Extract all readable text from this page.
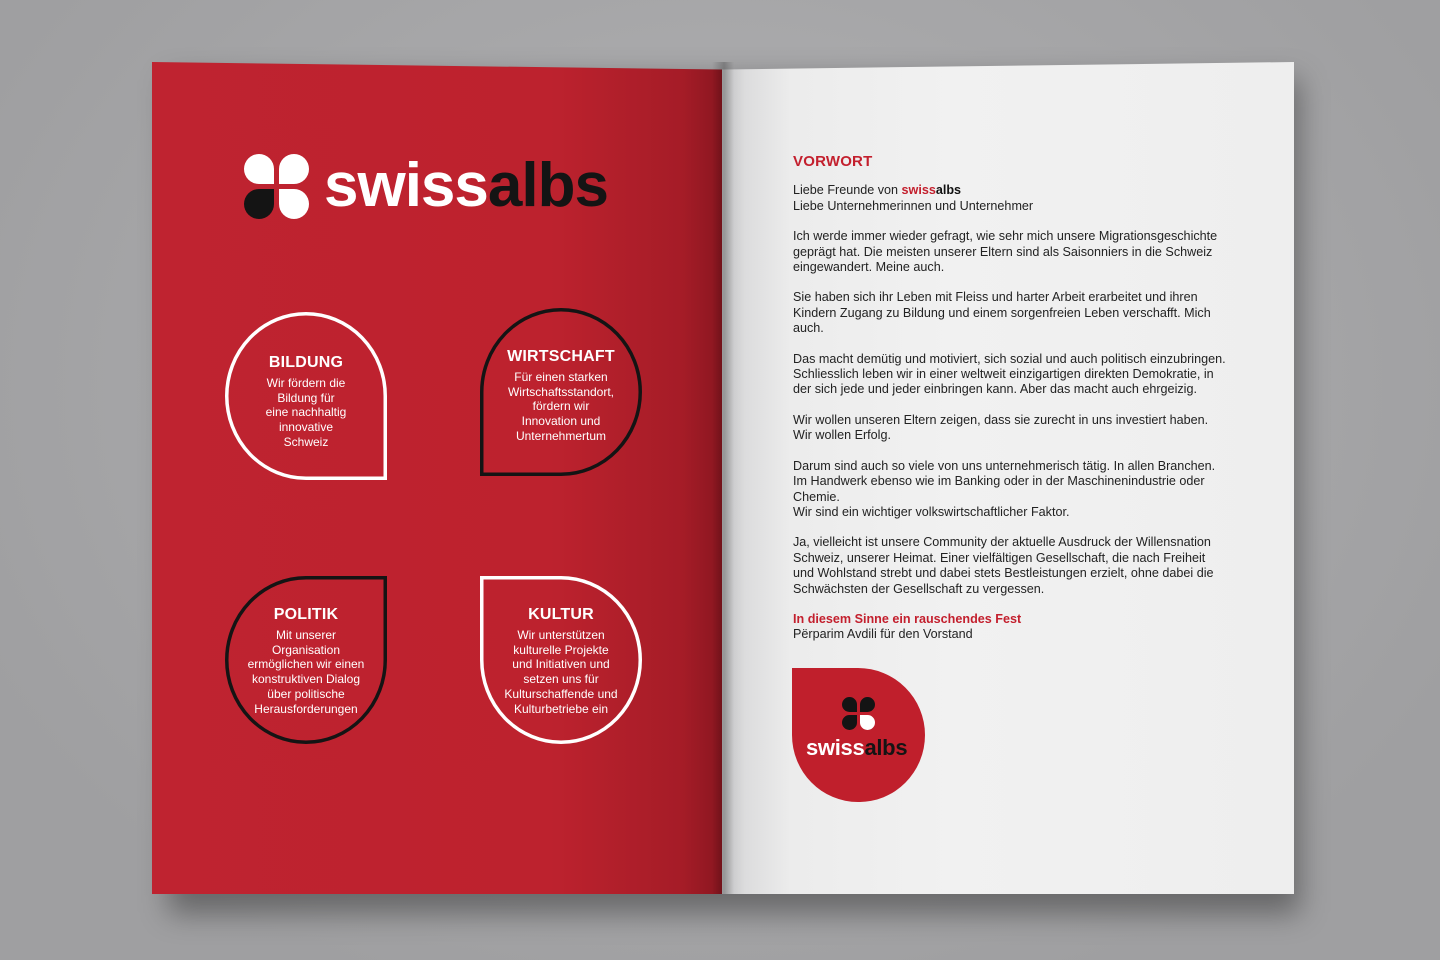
swissalbs
BILDUNG

Wir fördern die
Bildung für
eine nachhaltig
innovative
Schweiz

WIRTSCHAFT

Für einen starken
Wirtschaftsstandort,
fördern wir
Innovation und
Unternehmertum

POLITIK

Mit unserer
Organisation
ermöglichen wir einen
konstruktiven Dialog
über politische
Herausforderungen

KULTUR

Wir unterstützen
kulturelle Projekte
und Initiativen und
setzen uns für
Kulturschaffende und
Kulturbetriebe ein

VORWORT

Liebe Freunde von swissalbs
Liebe Unternehmerinnen und Unternehmer

Ich werde immer wieder gefragt, wie sehr mich unsere Migrationsgeschichte
geprägt hat. Die meisten unserer Eltern sind als Saisonniers in die Schweiz
eingewandert. Meine auch.

Sie haben sich ihr Leben mit Fleiss und harter Arbeit erarbeitet und ihren
Kindern Zugang zu Bildung und einem sorgenfreien Leben verschafft. Mich
auch.

Das macht demütig und motiviert, sich sozial und auch politisch einzubringen.
Schliesslich leben wir in einer weltweit einzigartigen direkten Demokratie, in
der sich jede und jeder einbringen kann. Aber das macht auch ehrgeizig.

Wir wollen unseren Eltern zeigen, dass sie zurecht in uns investiert haben.
Wir wollen Erfolg.

Darum sind auch so viele von uns unternehmerisch tätig. In allen Branchen.
Im Handwerk ebenso wie im Banking oder in der Maschinenindustrie oder
Chemie.
Wir sind ein wichtiger volkswirtschaftlicher Faktor.

Ja, vielleicht ist unsere Community der aktuelle Ausdruck der Willensnation
Schweiz, unserer Heimat. Einer vielfältigen Gesellschaft, die nach Freiheit
und Wohlstand strebt und dabei stets Bestleistungen erzielt, ohne dabei die
Schwächsten der Gesellschaft zu vergessen.

In diesem Sinne ein rauschendes Fest
Përparim Avdili für den Vorstand
swissalbs
